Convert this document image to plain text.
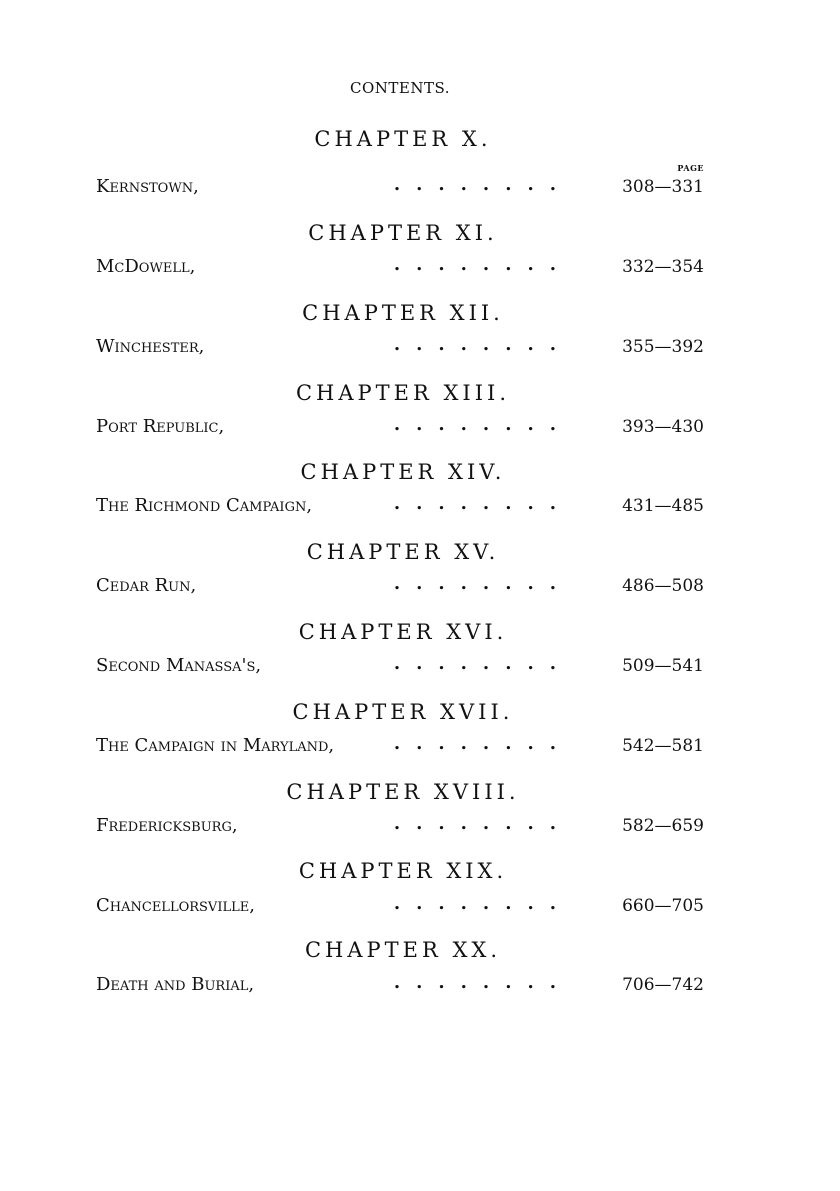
CONTENTS.
PAGE
CHAPTER X.
Kernstown,	........	308—331
CHAPTER XI.
McDowell,	........	332—354
CHAPTER XII.
Winchester,	........	355—392
CHAPTER XIII.
Port Republic,	........	393—430
CHAPTER XIV.
The Richmond Campaign,	........	431—485
CHAPTER XV.
Cedar Run,	........	486—508
CHAPTER XVI.
Second Manassa's,	........	509—541
CHAPTER XVII.
The Campaign in Maryland,	........	542—581
CHAPTER XVIII.
Fredericksburg,	........	582—659
CHAPTER XIX.
Chancellorsville,	........	660—705
CHAPTER XX.
Death and Burial,	........	706—742
